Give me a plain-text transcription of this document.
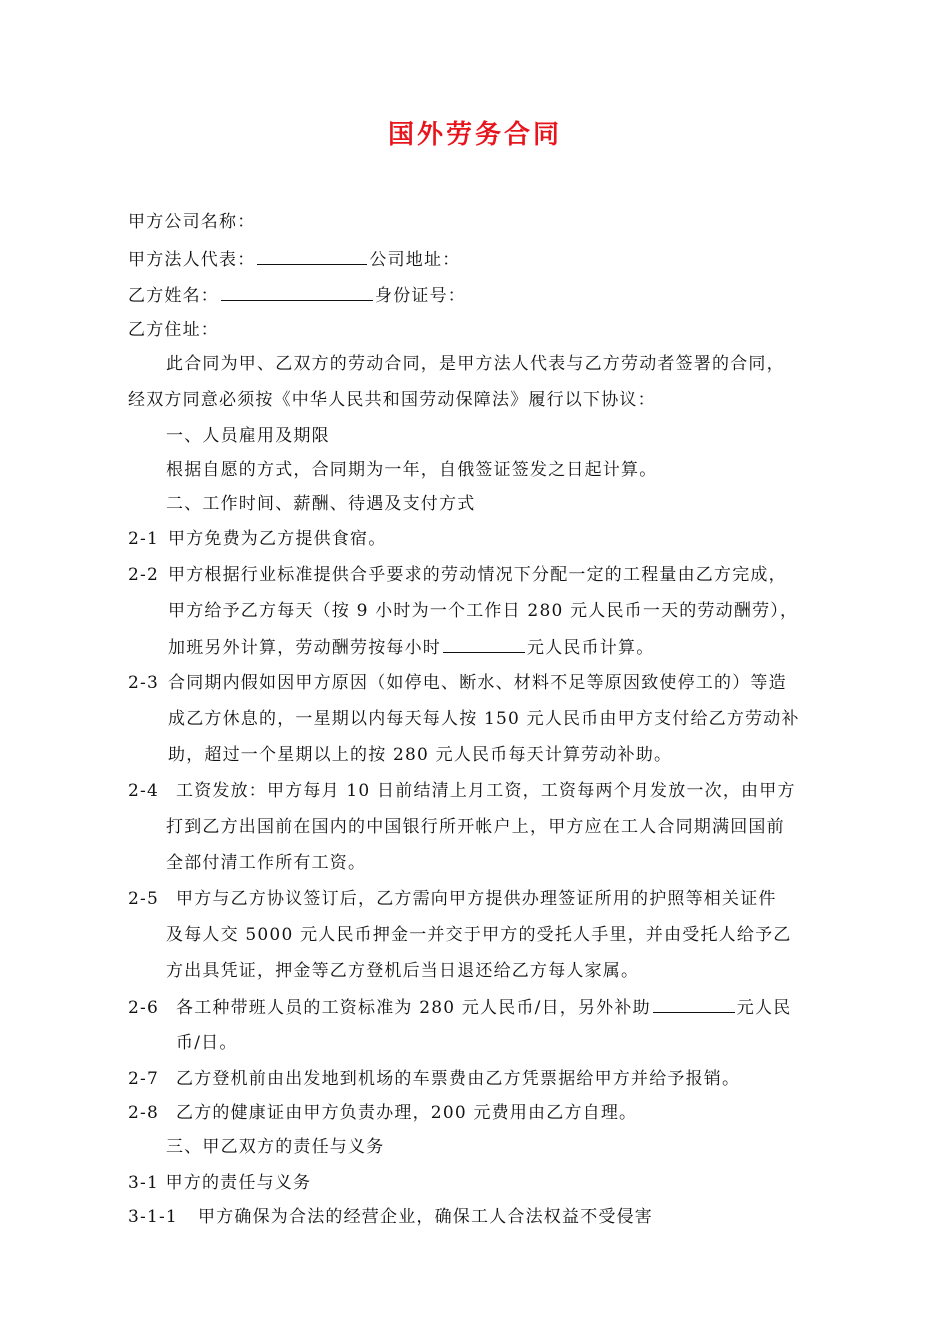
国外劳务合同
甲方公司名称：
甲方法人代表：	公司地址：
乙方姓名：	身份证号：
乙方住址：
此合同为甲、乙双方的劳动合同，是甲方法人代表与乙方劳动者签署的合同，
经双方同意必须按《中华人民共和国劳动保障法》履行以下协议：
一、人员雇用及期限
根据自愿的方式，合同期为一年，自俄签证签发之日起计算。
二、工作时间、薪酬、待遇及支付方式
2-1 甲方免费为乙方提供食宿。
2-2 甲方根据行业标准提供合乎要求的劳动情况下分配一定的工程量由乙方完成，
甲方给予乙方每天（按 9 小时为一个工作日 280 元人民币一天的劳动酬劳），
加班另外计算，劳动酬劳按每小时	元人民币计算。
2-3 合同期内假如因甲方原因（如停电、断水、材料不足等原因致使停工的）等造
成乙方休息的，一星期以内每天每人按 150 元人民币由甲方支付给乙方劳动补
助，超过一个星期以上的按 280 元人民币每天计算劳动补助。
2-4 工资发放：甲方每月 10 日前结清上月工资，工资每两个月发放一次，由甲方
打到乙方出国前在国内的中国银行所开帐户上，甲方应在工人合同期满回国前
全部付清工作所有工资。
2-5 甲方与乙方协议签订后，乙方需向甲方提供办理签证所用的护照等相关证件
及每人交 5000 元人民币押金一并交于甲方的受托人手里，并由受托人给予乙
方出具凭证，押金等乙方登机后当日退还给乙方每人家属。
2-6 各工种带班人员的工资标准为 280 元人民币/日，另外补助	元人民
币/日。
2-7 乙方登机前由出发地到机场的车票费由乙方凭票据给甲方并给予报销。
2-8 乙方的健康证由甲方负责办理，200 元费用由乙方自理。
三、甲乙双方的责任与义务
3-1 甲方的责任与义务
3-1-1 甲方确保为合法的经营企业，确保工人合法权益不受侵害
